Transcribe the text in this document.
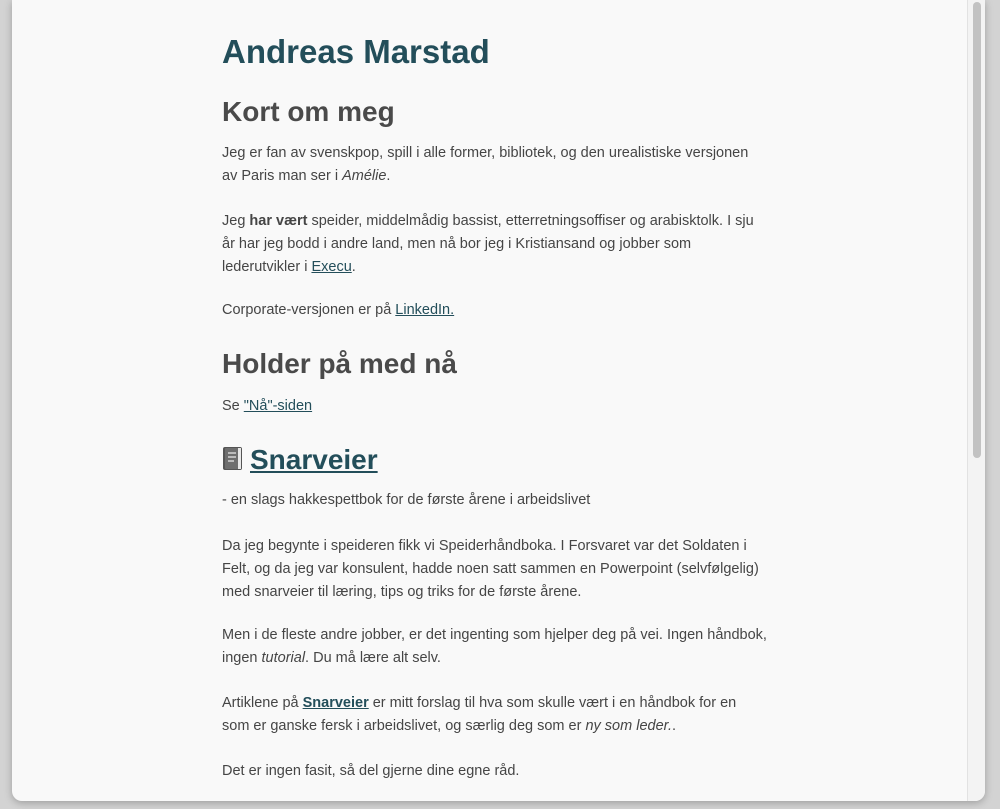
Andreas Marstad
Kort om meg

Jeg er fan av svenskpop, spill i alle former, bibliotek, og den urealistiske versjonen av Paris man ser i Amélie.

Jeg har vært speider, middelmådig bassist, etterretningsoffiser og arabisktolk. I sju år har jeg bodd i andre land, men nå bor jeg i Kristiansand og jobber som lederutvikler i Execu.

Corporate-versjonen er på LinkedIn.

Holder på med nå

Se "Nå"-siden

Snarveier

- en slags hakkespettbok for de første årene i arbeidslivet

Da jeg begynte i speideren fikk vi Speiderhåndboka. I Forsvaret var det Soldaten i Felt, og da jeg var konsulent, hadde noen satt sammen en Powerpoint (selvfølgelig) med snarveier til læring, tips og triks for de første årene.

Men i de fleste andre jobber, er det ingenting som hjelper deg på vei. Ingen håndbok, ingen tutorial. Du må lære alt selv.

Artiklene på Snarveier er mitt forslag til hva som skulle vært i en håndbok for en som er ganske fersk i arbeidslivet, og særlig deg som er ny som leder..

Det er ingen fasit, så del gjerne dine egne råd.
